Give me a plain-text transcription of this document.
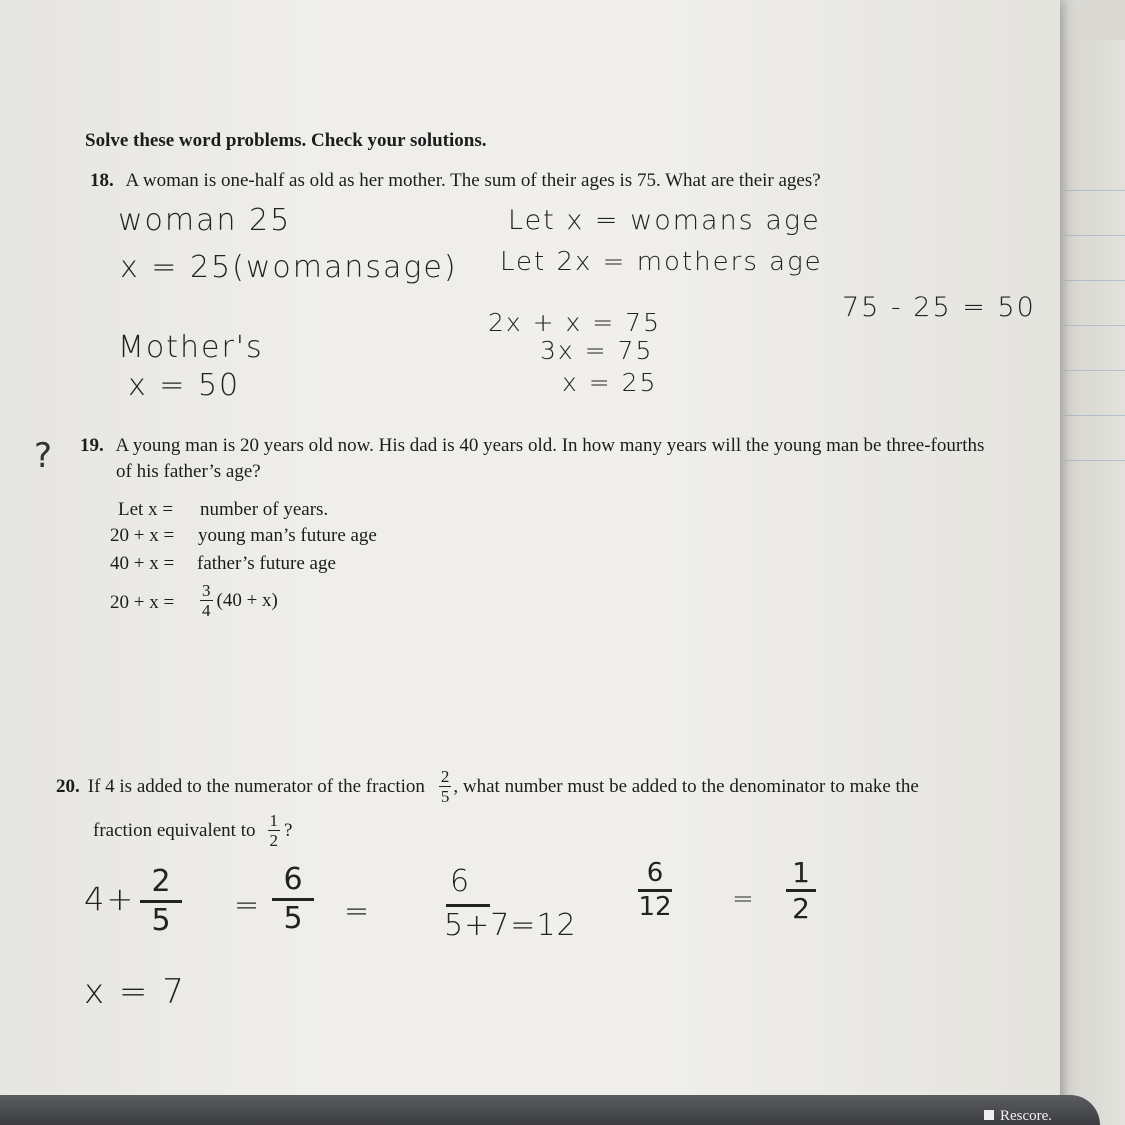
Solve these word problems. Check your solutions.
18. A woman is one-half as old as her mother. The sum of their ages is 75. What are their ages?
woman 25
x = 25(womansage)
Let x = womans age
Let 2x = mothers age
2x + x = 75
3x = 75
x = 25
75 - 25 = 50
Mother's
x = 50
? 19. A young man is 20 years old now. His dad is 40 years old. In how many years will the young man be three-fourths
of his father’s age?
Let x = number of years.
20 + x = young man’s future age
40 + x = father’s future age
$20 + x = \frac{3}{4} (40 + x)$
20. If 4 is added to the numerator of the fraction $\frac{2}{5}$ , what number must be added to the denominator to make the
fraction equivalent to $\frac{1}{2}$ ?
4+ 2
5 =
6
5 =
6
5+7=12
6
12 =
1
2
x = 7
Rescore.
